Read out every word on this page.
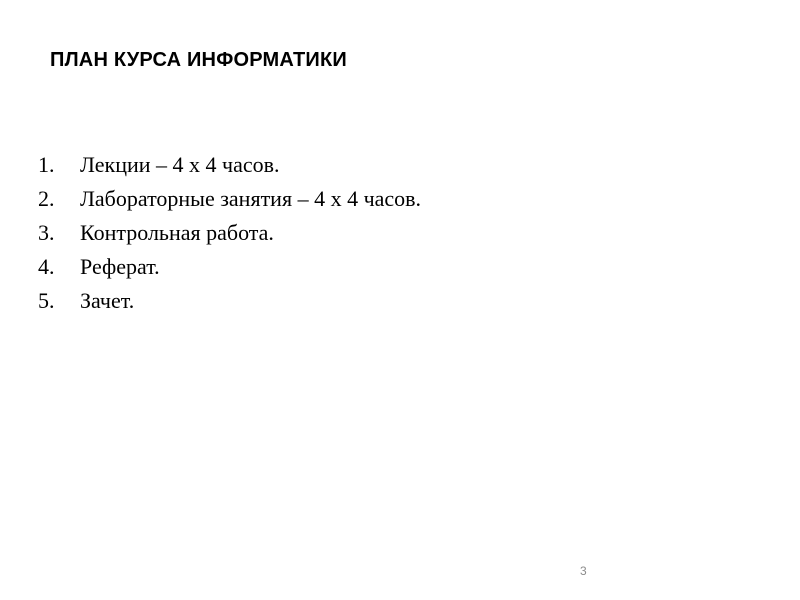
ПЛАН КУРСА ИНФОРМАТИКИ
1. Лекции – 4 х 4 часов.
2. Лабораторные занятия – 4 х 4 часов.
3. Контрольная работа.
4. Реферат.
5. Зачет.
3
